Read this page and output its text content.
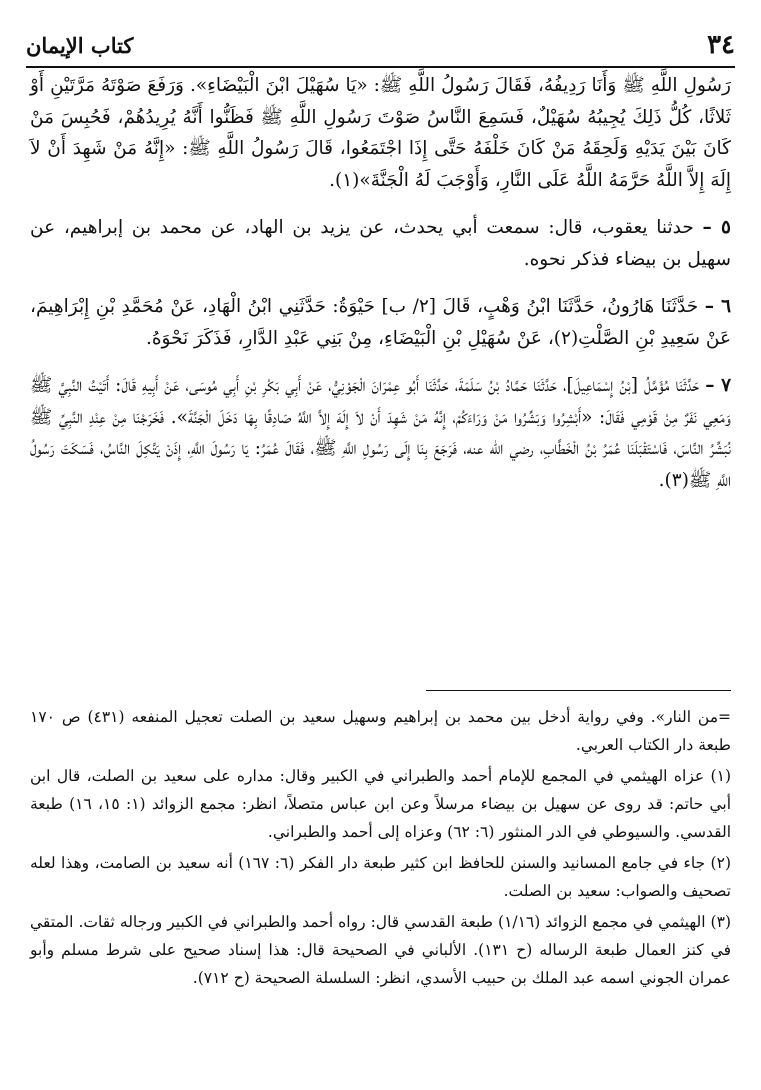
٣٤
كتاب الإيمان

رَسُولِ اللَّهِ ﷺ وَأَنَا رَدِيفُهُ، فَقَالَ رَسُولُ اللَّهِ ﷺ: «يَا سُهَيْلَ ابْنَ الْبَيْضَاءِ». وَرَفَعَ صَوْتَهُ مَرَّتَيْنِ أَوْ ثَلاثًا، كُلُّ ذَلِكَ يُجِيبُهُ سُهَيْلٌ، فَسَمِعَ النَّاسُ صَوْتَ رَسُولِ اللَّهِ ﷺ فَظَنُّوا أَنَّهُ يُرِيدُهُمْ، فَحُبِسَ مَنْ كَانَ بَيْنَ يَدَيْهِ وَلَحِقَهُ مَنْ كَانَ خَلْفَهُ حَتَّى إِذَا اجْتَمَعُوا، قَالَ رَسُولُ اللَّهِ ﷺ: «إِنَّهُ مَنْ شَهِدَ أَنْ لاَ إِلَهَ إِلاَّ اللَّهُ حَرَّمَهُ اللَّهُ عَلَى النَّارِ، وَأَوْجَبَ لَهُ الْجَنَّةَ»(١).

٥ – حدثنا يعقوب، قال: سمعت أبي يحدث، عن يزيد بن الهاد، عن محمد بن إبراهيم، عن سهيل بن بيضاء فذكر نحوه.

٦ – حَدَّثَنَا هَارُونُ، حَدَّثَنَا ابْنُ وَهْبٍ، قَالَ [٢/ ب] حَيْوَةُ: حَدَّثَنِي ابْنُ الْهَادِ، عَنْ مُحَمَّدِ بْنِ إِبْرَاهِيمَ، عَنْ سَعِيدِ بْنِ الصَّلْتِ(٢)، عَنْ سُهَيْلِ بْنِ الْبَيْضَاءِ، مِنْ بَنِي عَبْدِ الدَّارِ، فَذَكَرَ نَحْوَهُ.

٧ – حَدَّثَنَا مُؤَمَّلُ [بْنُ إِسْمَاعِيلَ]، حَدَّثَنَا حَمَّادُ بْنُ سَلَمَةَ، حَدَّثَنَا أَبُو عِمْرَانَ الْجَوْنِيُّ، عَنْ أَبِي بَكْرِ بْنِ أَبِي مُوسَى، عَنْ أَبِيهِ قَالَ: أَتَيْتُ النَّبِيَّ ﷺ وَمَعِي نَفَرٌ مِنْ قَوْمِي فَقَالَ: «أَبْشِرُوا وَبَشِّرُوا مَنْ وَرَاءَكُمْ، إِنَّهُ مَنْ شَهِدَ أَنْ لاَ إِلَهَ إِلاَّ اللَّهُ صَادِقًا بِهَا دَخَلَ الْجَنَّةَ». فَخَرَجْنَا مِنْ عِنْدِ النَّبِيِّ ﷺ نُبَشِّرُ النَّاسَ، فَاسْتَقْبَلَنَا عُمَرُ بْنُ الْخَطَّابِ، رضي الله عنه، فَرَجَعَ بِنَا إِلَى رَسُولِ اللَّهِ ﷺ، فَقَالَ عُمَرُ: يَا رَسُولَ اللَّهِ، إِذَنْ يَتَّكِلَ النَّاسُ، فَسَكَتَ رَسُولُ اللَّهِ ﷺ(٣).

=من النار». وفي رواية أدخل بين محمد بن إبراهيم وسهيل سعيد بن الصلت تعجيل المنفعه (٤٣١) ص ١٧٠ طبعة دار الكتاب العربي.

(١) عزاه الهيثمي في المجمع للإمام أحمد والطبراني في الكبير وقال: مداره على سعيد بن الصلت، قال ابن أبي حاتم: قد روى عن سهيل بن بيضاء مرسلاً وعن ابن عباس متصلاً، انظر: مجمع الزوائد (١: ١٥، ١٦) طبعة القدسي. والسيوطي في الدر المنثور (٦: ٦٢) وعزاه إلى أحمد والطبراني.

(٢) جاء في جامع المسانيد والسنن للحافظ ابن كثير طبعة دار الفكر (٦: ١٦٧) أنه سعيد بن الصامت، وهذا لعله تصحيف والصواب: سعيد بن الصلت.

(٣) الهيثمي في مجمع الزوائد (١/١٦) طبعة القدسي قال: رواه أحمد والطبراني في الكبير ورجاله ثقات. المتقي في كنز العمال طبعة الرساله (ح ١٣١). الألباني في الصحيحة قال: هذا إسناد صحيح على شرط مسلم وأبو عمران الجوني اسمه عبد الملك بن حبيب الأسدي، انظر: السلسلة الصحيحة (ح ٧١٢).
